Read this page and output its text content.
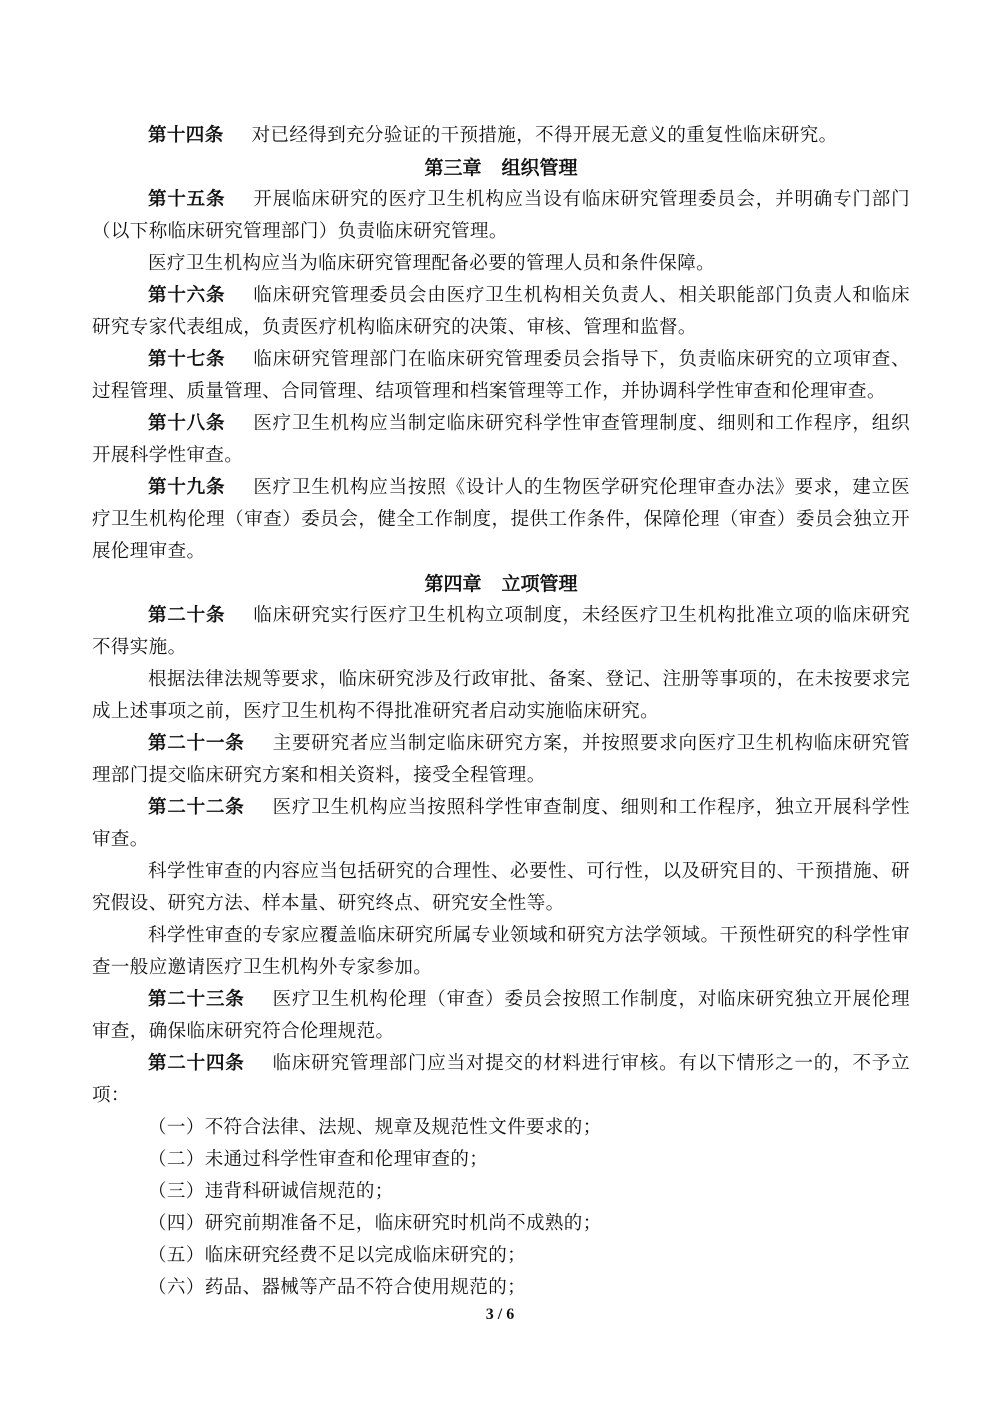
第十四条 对已经得到充分验证的干预措施，不得开展无意义的重复性临床研究。

第三章 组织管理

第十五条 开展临床研究的医疗卫生机构应当设有临床研究管理委员会，并明确专门部门（以下称临床研究管理部门）负责临床研究管理。

医疗卫生机构应当为临床研究管理配备必要的管理人员和条件保障。

第十六条 临床研究管理委员会由医疗卫生机构相关负责人、相关职能部门负责人和临床研究专家代表组成，负责医疗机构临床研究的决策、审核、管理和监督。

第十七条 临床研究管理部门在临床研究管理委员会指导下，负责临床研究的立项审查、过程管理、质量管理、合同管理、结项管理和档案管理等工作，并协调科学性审查和伦理审查。

第十八条 医疗卫生机构应当制定临床研究科学性审查管理制度、细则和工作程序，组织开展科学性审查。

第十九条 医疗卫生机构应当按照《设计人的生物医学研究伦理审查办法》要求，建立医疗卫生机构伦理（审查）委员会，健全工作制度，提供工作条件，保障伦理（审查）委员会独立开展伦理审查。

第四章 立项管理

第二十条 临床研究实行医疗卫生机构立项制度，未经医疗卫生机构批准立项的临床研究不得实施。

根据法律法规等要求，临床研究涉及行政审批、备案、登记、注册等事项的，在未按要求完成上述事项之前，医疗卫生机构不得批准研究者启动实施临床研究。

第二十一条 主要研究者应当制定临床研究方案，并按照要求向医疗卫生机构临床研究管理部门提交临床研究方案和相关资料，接受全程管理。

第二十二条 医疗卫生机构应当按照科学性审查制度、细则和工作程序，独立开展科学性审查。

科学性审查的内容应当包括研究的合理性、必要性、可行性，以及研究目的、干预措施、研究假设、研究方法、样本量、研究终点、研究安全性等。

科学性审查的专家应覆盖临床研究所属专业领域和研究方法学领域。干预性研究的科学性审查一般应邀请医疗卫生机构外专家参加。

第二十三条 医疗卫生机构伦理（审查）委员会按照工作制度，对临床研究独立开展伦理审查，确保临床研究符合伦理规范。

第二十四条 临床研究管理部门应当对提交的材料进行审核。有以下情形之一的，不予立项：

（一）不符合法律、法规、规章及规范性文件要求的；

（二）未通过科学性审查和伦理审查的；

（三）违背科研诚信规范的；

（四）研究前期准备不足，临床研究时机尚不成熟的；

（五）临床研究经费不足以完成临床研究的；

（六）药品、器械等产品不符合使用规范的；

3 / 6
